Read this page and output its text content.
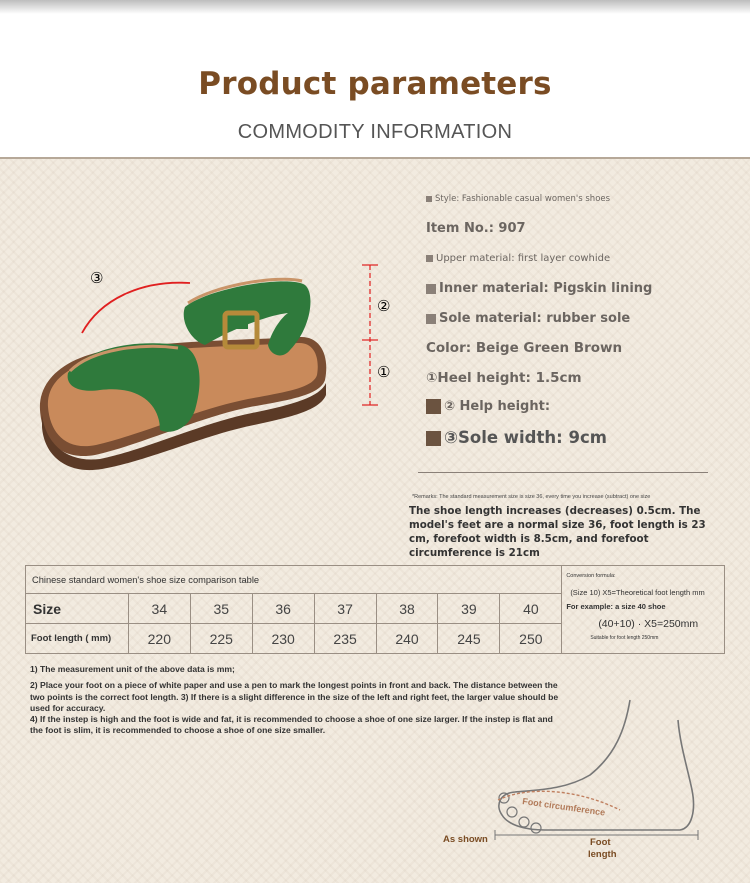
Product parameters
COMMODITY INFORMATION
③
②
①
Style: Fashionable casual women's shoes
Item No.: 907
Upper material: first layer cowhide
Inner material: Pigskin lining
Sole material: rubber sole
Color: Beige Green Brown
①Heel height: 1.5cm
② Help height:
③Sole width: 9cm
*Remarks: The standard measurement size is size 36, every time you increase (subtract) one size
The shoe length increases (decreases) 0.5cm. The model's feet are a normal size 36, foot length is 23 cm, forefoot width is 8.5cm, and forefoot circumference is 21cm
Chinese standard women's shoe size comparison table								Conversion formula:
(Size 10) X5=Theoretical foot length mm
For example: a size 40 shoe
(40+10) · X5=250mm
Suitable for foot length 250mm

Size	34	35	36	37	38	39	40	
Foot length ( mm)	220	225	230	235	240	245	250	

1) The measurement unit of the above data is mm;

2) Place your foot on a piece of white paper and use a pen to mark the longest points in front and back. The distance between the two points is the correct foot length. 3) If there is a slight difference in the size of the left and right feet, the larger value should be used for accuracy.

4) If the instep is high and the foot is wide and fat, it is recommended to choose a shoe of one size larger. If the instep is flat and the foot is slim, it is recommended to choose a shoe of one size smaller.

Foot circumference
As shown	Foot length
